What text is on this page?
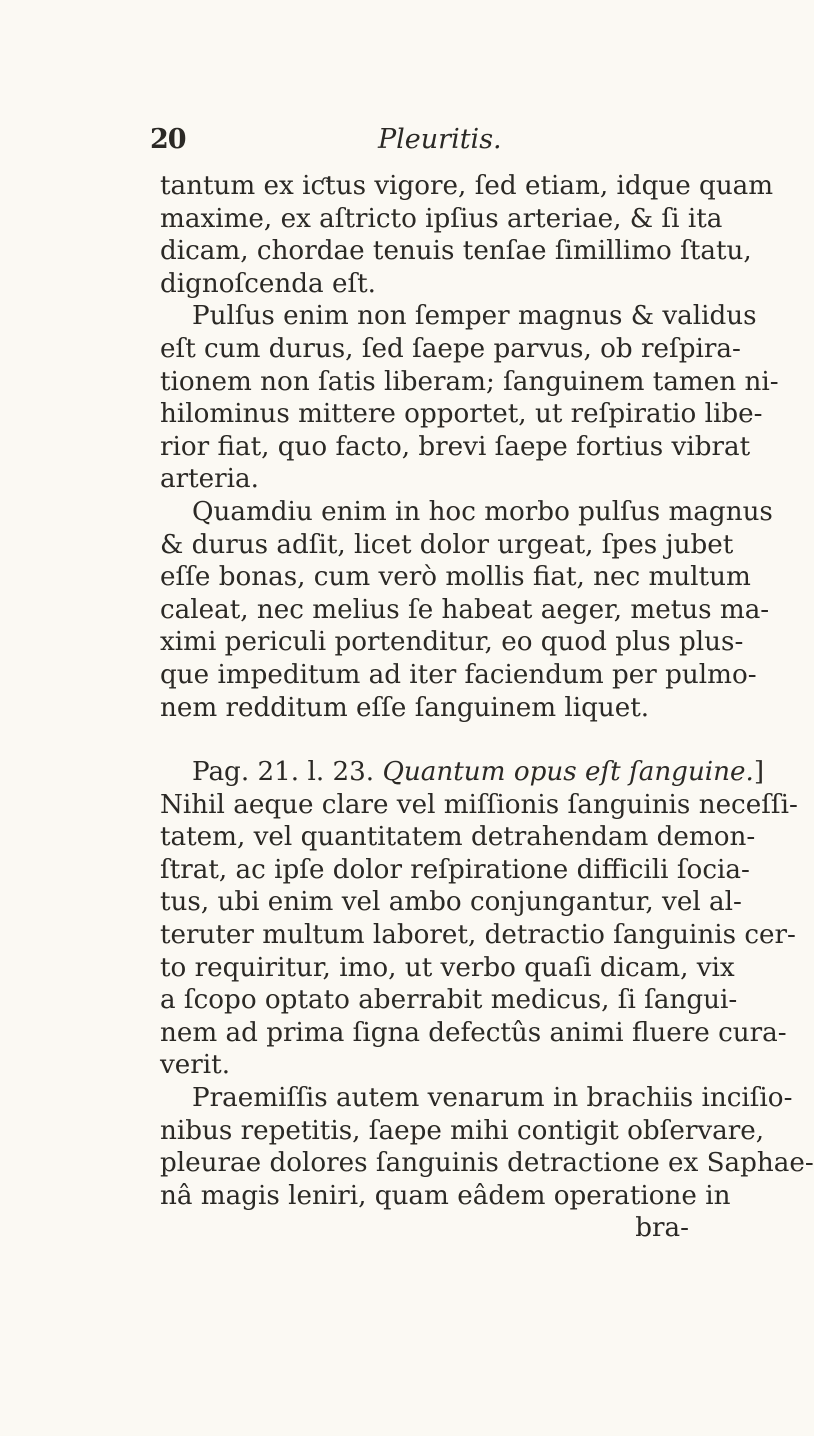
20	Pleuritis.

tantum ex iƈtus vigore, ſed etiam, idque quam
maxime, ex aſtricto ipſius arteriae, & ſi ita
dicam, chordae tenuis tenſae ſimillimo ſtatu,
dignoſcenda eſt.

Pulſus enim non ſemper magnus & validus
eſt cum durus, ſed ſaepe parvus, ob reſpira-
tionem non ſatis liberam; ſanguinem tamen ni-
hilominus mittere opportet, ut reſpiratio libe-
rior fiat, quo facto, brevi ſaepe fortius vibrat
arteria.

Quamdiu enim in hoc morbo pulſus magnus
& durus adſit, licet dolor urgeat, ſpes jubet
eſſe bonas, cum verò mollis fiat, nec multum
caleat, nec melius ſe habeat aeger, metus ma-
ximi periculi portenditur, eo quod plus plus-
que impeditum ad iter faciendum per pulmo-
nem redditum eſſe ſanguinem liquet.

Pag. 21. l. 23. Quantum opus eſt ſanguine.]
Nihil aeque clare vel miſſionis ſanguinis neceſſi-
tatem, vel quantitatem detrahendam demon-
ſtrat, ac ipſe dolor reſpiratione difficili ſocia-
tus, ubi enim vel ambo conjungantur, vel al-
teruter multum laboret, detractio ſanguinis cer-
to requiritur, imo, ut verbo quaſi dicam, vix
a ſcopo optato aberrabit medicus, ſi ſangui-
nem ad prima ſigna defectûs animi fluere cura-
verit.

Praemiſſis autem venarum in brachiis inciſio-
nibus repetitis, ſaepe mihi contigit obſervare,
pleurae dolores ſanguinis detractione ex Saphae-
nâ magis leniri, quam eâdem operatione in

bra-
